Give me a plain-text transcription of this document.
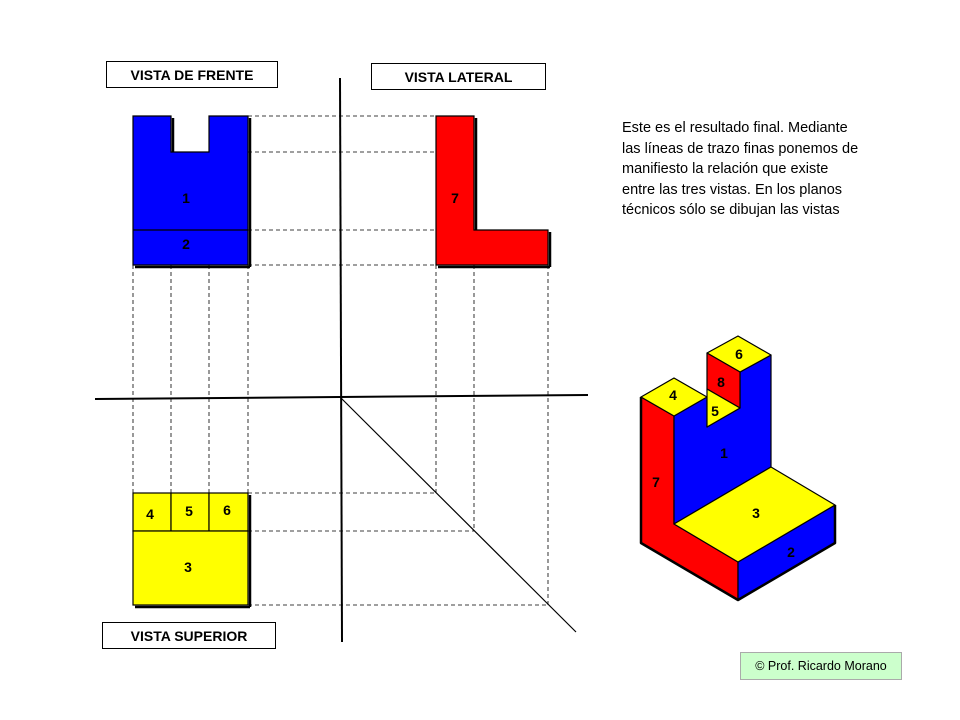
VISTA DE FRENTE	VISTA LATERAL
VISTA SUPERIOR
Este es el resultado final. Mediante las líneas de trazo finas ponemos de manifiesto la relación que existe entre las tres vistas. En los planos técnicos sólo se dibujan las vistas
© Prof. Ricardo Morano
1
2
7
4 5 6
3
6
8
4
5
1
7
3
2
